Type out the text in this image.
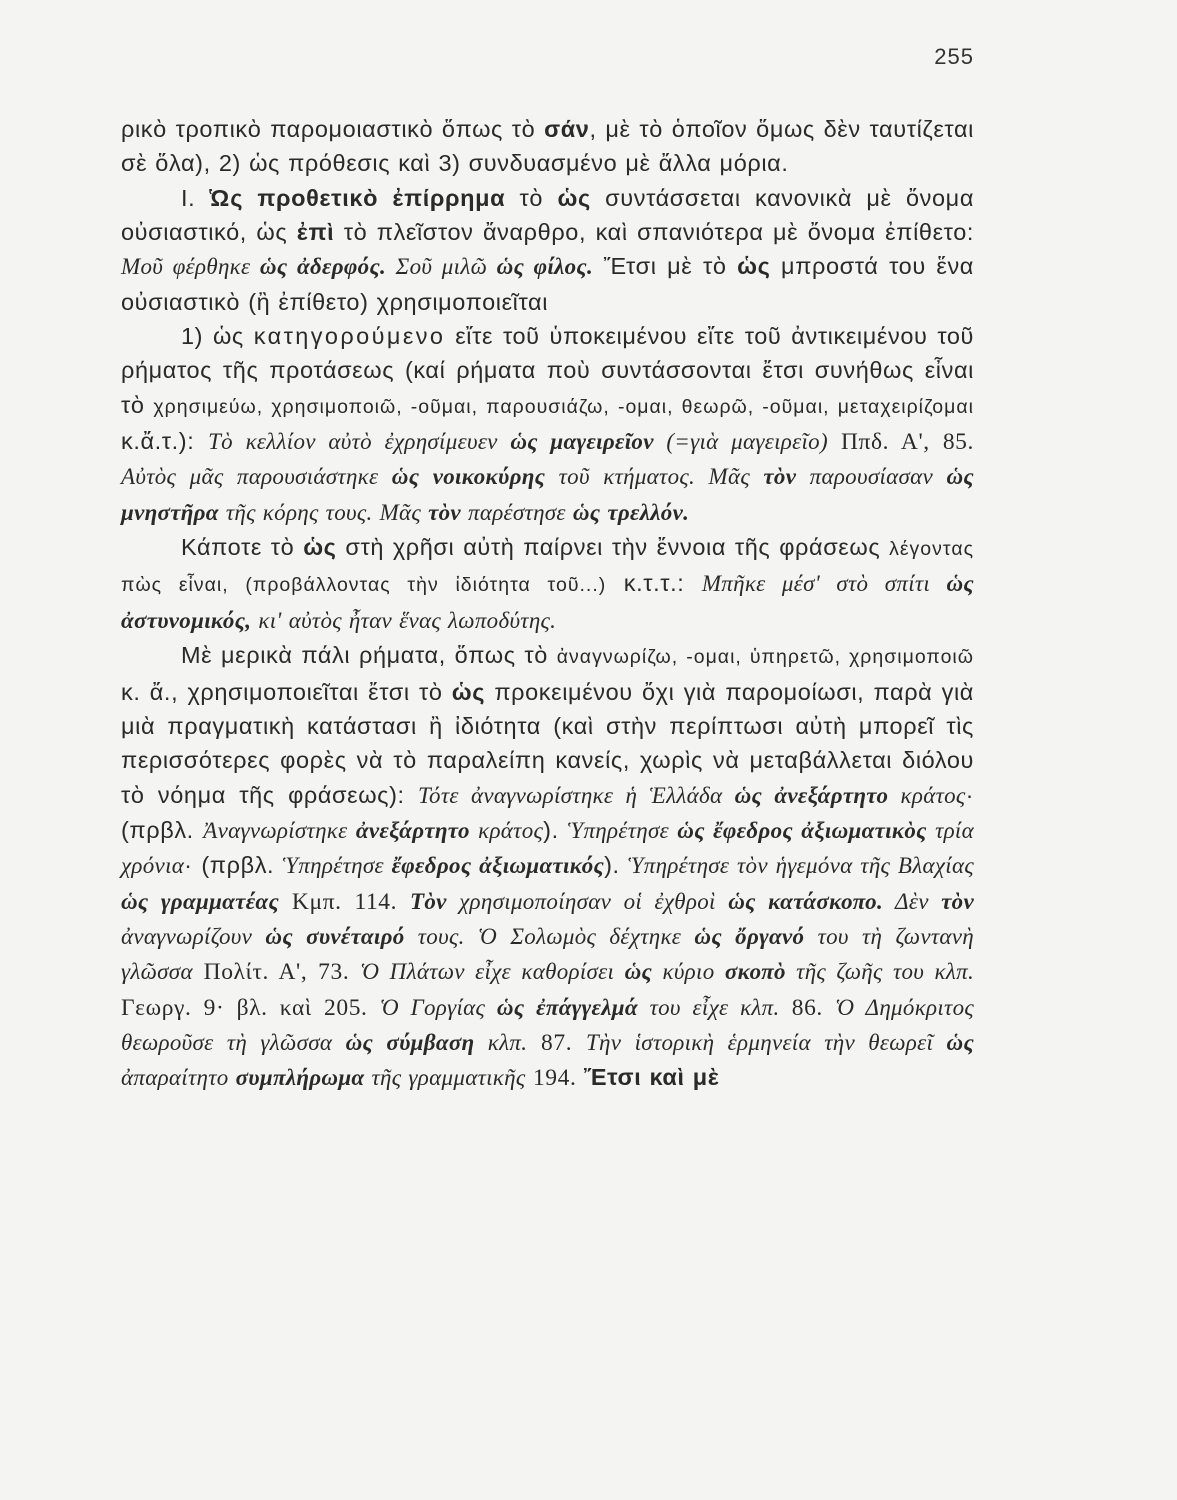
255

ρικὸ τροπικὸ παρομοιαστικὸ ὅπως τὸ σάν, μὲ τὸ ὁποῖον ὅμως δὲν ταυτίζεται σὲ ὅλα), 2) ὡς πρόθεσις καὶ 3) συνδυασμένο μὲ ἄλλα μόρια.

Ι. Ὡς προθετικὸ ἐπίρρημα τὸ ὡς συντάσσεται κανονικὰ μὲ ὄνομα οὐσιαστικό, ὡς ἐπὶ τὸ πλεῖστον ἄναρθρο, καὶ σπανιότερα μὲ ὄνομα ἐπίθετο: Μοῦ φέρθηκε ὡς ἀδερφός. Σοῦ μιλῶ ὡς φίλος. Ἔτσι μὲ τὸ ὡς μπροστά του ἕνα οὐσιαστικὸ (ἢ ἐπίθετο) χρησιμοποιεῖται

1) ὡς κατηγορούμενο εἴτε τοῦ ὑποκειμένου εἴτε τοῦ ἀντικειμένου τοῦ ρήματος τῆς προτάσεως (καί ρήματα ποὺ συντάσσονται ἔτσι συνήθως εἶναι τὸ χρησιμεύω, χρησιμοποιῶ, -οῦμαι, παρουσιάζω, -ομαι, θεωρῶ, -οῦμαι, μεταχειρίζομαι κ.ἄ.τ.): Τὸ κελλίον αὐτὸ ἐχρησίμευεν ὡς μαγειρεῖον (=γιὰ μαγειρεῖο) Ππδ. Α', 85. Αὐτὸς μᾶς παρουσιάστηκε ὡς νοικοκύρης τοῦ κτήματος. Μᾶς τὸν παρουσίασαν ὡς μνηστῆρα τῆς κόρης τους. Μᾶς τὸν παρέστησε ὡς τρελλόν.

Κάποτε τὸ ὡς στὴ χρῆσι αὐτὴ παίρνει τὴν ἔννοια τῆς φράσεως λέγοντας πὼς εἶναι, (προβάλλοντας τὴν ἰδιότητα τοῦ...) κ.τ.τ.: Μπῆκε μέσ' στὸ σπίτι ὡς ἀστυνομικός, κι' αὐτὸς ἦταν ἕνας λωποδύτης.

Μὲ μερικὰ πάλι ρήματα, ὅπως τὸ ἀναγνωρίζω, -ομαι, ὑπηρετῶ, χρησιμοποιῶ κ. ἄ., χρησιμοποιεῖται ἔτσι τὸ ὡς προκειμένου ὄχι γιὰ παρομοίωσι, παρὰ γιὰ μιὰ πραγματικὴ κατάστασι ἢ ἰδιότητα (καὶ στὴν περίπτωσι αὐτὴ μπορεῖ τὶς περισσότερες φορὲς νὰ τὸ παραλείπη κανείς, χωρὶς νὰ μεταβάλλεται διόλου τὸ νόημα τῆς φράσεως): Τότε ἀναγνωρίστηκε ἡ Ἑλλάδα ὡς ἀνεξάρτητο κράτος· (πρβλ. Ἀναγνωρίστηκε ἀνεξάρτητο κράτος). Ὑπηρέτησε ὡς ἔφεδρος ἀξιωματικὸς τρία χρόνια· (πρβλ. Ὑπηρέτησε ἔφεδρος ἀξιωματικός). Ὑπηρέτησε τὸν ἡγεμόνα τῆς Βλαχίας ὡς γραμματέας Κμπ. 114. Τὸν χρησιμοποίησαν οἱ ἐχθροὶ ὡς κατάσκοπο. Δὲν τὸν ἀναγνωρίζουν ὡς συνέταιρό τους. Ὁ Σολωμὸς δέχτηκε ὡς ὄργανό του τὴ ζωντανὴ γλῶσσα Πολίτ. Α', 73. Ὁ Πλάτων εἶχε καθορίσει ὡς κύριο σκοπὸ τῆς ζωῆς του κλπ. Γεωργ. 9· βλ. καὶ 205. Ὁ Γοργίας ὡς ἐπάγγελμά του εἶχε κλπ. 86. Ὁ Δημόκριτος θεωροῦσε τὴ γλῶσσα ὡς σύμβαση κλπ. 87. Τὴν ἱστορικὴ ἑρμηνεία τὴν θεωρεῖ ὡς ἀπαραίτητο συμπλήρωμα τῆς γραμματικῆς 194. Ἔτσι καὶ μὲ
